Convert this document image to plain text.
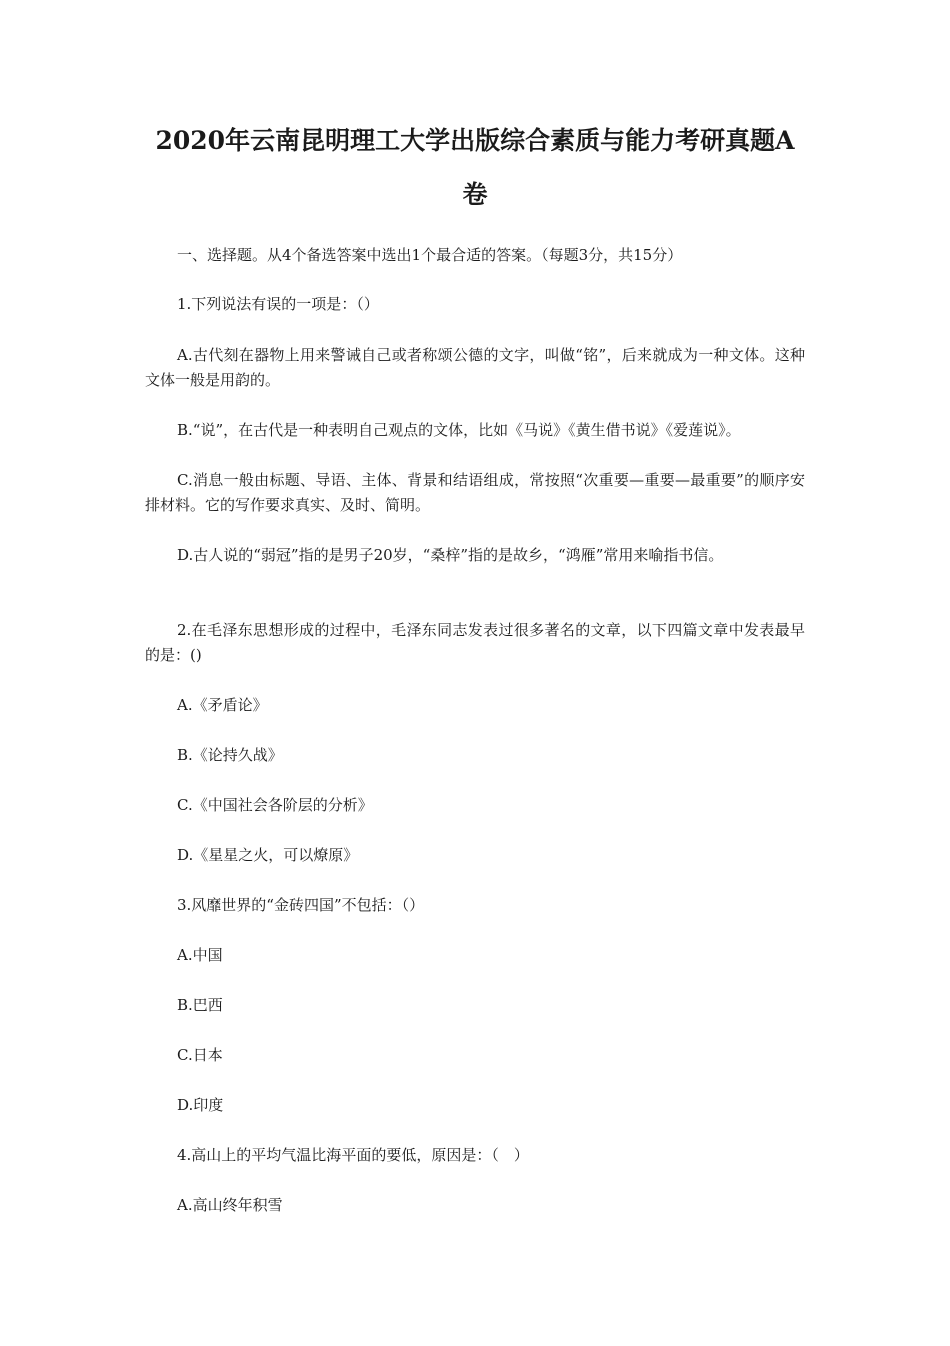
2020年云南昆明理工大学出版综合素质与能力考研真题A
卷

一、选择题。从4个备选答案中选出1个最合适的答案。（每题3分，共15分）

1.下列说法有误的一项是：（）

A.古代刻在器物上用来警诫自己或者称颂公德的文字，叫做“铭”，后来就成为一种文体。这种文体一般是用韵的。

B.“说”，在古代是一种表明自己观点的文体，比如《马说》《黄生借书说》《爱莲说》。

C.消息一般由标题、导语、主体、背景和结语组成，常按照“次重要—重要—最重要”的顺序安排材料。它的写作要求真实、及时、简明。

D.古人说的“弱冠”指的是男子20岁，“桑梓”指的是故乡，“鸿雁”常用来喻指书信。

2.在毛泽东思想形成的过程中，毛泽东同志发表过很多著名的文章，以下四篇文章中发表最早的是：()

A.《矛盾论》

B.《论持久战》

C.《中国社会各阶层的分析》

D.《星星之火，可以燎原》

3.风靡世界的“金砖四国”不包括：（）

A.中国

B.巴西

C.日本

D.印度

4.高山上的平均气温比海平面的要低，原因是：（　）

A.高山终年积雪
